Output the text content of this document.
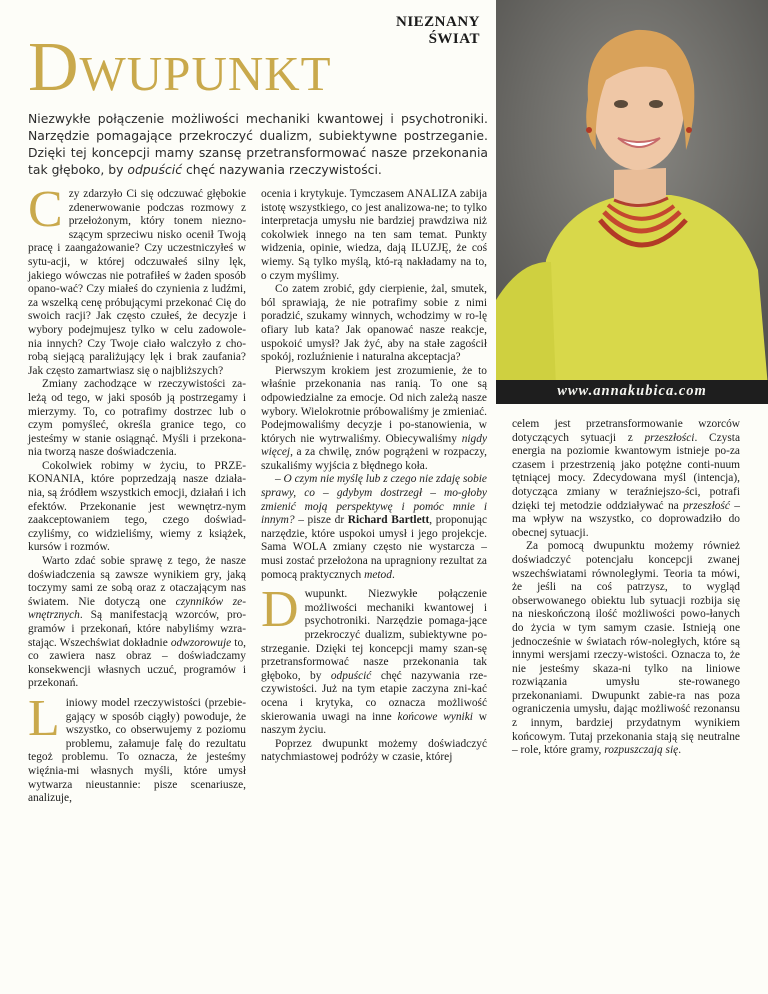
NIEZNANY ŚWIAT
Dwupunkt

Niezwykłe połączenie możliwości mechaniki kwantowej i psychotroniki. Narzędzie pomagające przekroczyć dualizm, subiektywne postrzeganie. Dzięki tej koncepcji mamy szansę przetransformować nasze przekonania tak głęboko, by odpuścić chęć nazywania rzeczywistości.

www.annakubica.com

Czy zdarzyło Ci się odczuwać głębokie zdenerwowanie podczas rozmowy z przełożonym, który tonem niezno-szącym sprzeciwu nisko ocenił Twoją pracę i zaangażowanie? Czy uczestniczyłeś w sytu-acji, w której odczuwałeś silny lęk, jakiego wówczas nie potrafiłeś w żaden sposób opano-wać? Czy miałeś do czynienia z ludźmi, za wszelką cenę próbującymi przekonać Cię do swoich racji? Jak często czułeś, że decyzje i wybory podejmujesz tylko w celu zadowole-nia innych? Czy Twoje ciało walczyło z cho-robą siejącą paraliżujący lęk i brak zaufania? Jak często zamartwiasz się o najbliższych?

Zmiany zachodzące w rzeczywistości za-leżą od tego, w jaki sposób ją postrzegamy i mierzymy. To, co potrafimy dostrzec lub o czym pomyśleć, określa granice tego, co jesteśmy w stanie osiągnąć. Myśli i przekona-nia tworzą nasze doświadczenia.

Cokolwiek robimy w życiu, to PRZE-KONANIA, które poprzedzają nasze działa-nia, są źródłem wszystkich emocji, działań i ich efektów. Przekonanie jest wewnętrz-nym zaakceptowaniem tego, czego doświad-czyliśmy, co widzieliśmy, wiemy z książek, kursów i rozmów.

Warto zdać sobie sprawę z tego, że nasze doświadczenia są zawsze wynikiem gry, jaką toczymy sami ze sobą oraz z otaczającym nas światem. Nie dotyczą one czynników ze-wnętrznych. Są manifestacją wzorców, pro-gramów i przekonań, które nabyliśmy wzra-stając. Wszechświat dokładnie odwzorowuje to, co zawiera nasz obraz – doświadczamy konsekwencji własnych uczuć, programów i przekonań.

Liniowy model rzeczywistości (przebie-gający w sposób ciągły) powoduje, że wszystko, co obserwujemy z poziomu problemu, załamuje falę do rezultatu tegoż problemu. To oznacza, że jesteśmy więźnia-mi własnych myśli, które umysł wytwarza nieustannie: pisze scenariusze, analizuje,

ocenia i krytykuje. Tymczasem ANALIZA zabija istotę wszystkiego, co jest analizowa-ne; to tylko interpretacja umysłu nie bardziej prawdziwa niż cokolwiek innego na ten sam temat. Punkty widzenia, opinie, wiedza, dają ILUZJĘ, że coś wiemy. Są tylko myślą, któ-rą nakładamy na to, o czym myślimy.

Co zatem zrobić, gdy cierpienie, żal, smutek, ból sprawiają, że nie potrafimy sobie z nimi poradzić, szukamy winnych, wchodzimy w ro-lę ofiary lub kata? Jak opanować nasze reakcje, uspokoić umysł? Jak żyć, aby na stałe zagościł spokój, rozluźnienie i naturalna akceptacja?

Pierwszym krokiem jest zrozumienie, że to właśnie przekonania nas ranią. To one są odpowiedzialne za emocje. Od nich zależą nasze wybory. Wielokrotnie próbowaliśmy je zmieniać. Podejmowaliśmy decyzje i po-stanowienia, w których nie wytrwaliśmy. Obiecywaliśmy nigdy więcej, a za chwilę, znów pogrążeni w rozpaczy, szukaliśmy wyjścia z błędnego koła.

– O czym nie myślę lub z czego nie zdaję sobie sprawy, co – gdybym dostrzegł – mo-głoby zmienić moją perspektywę i pomóc mnie i innym? – pisze dr Richard Bartlett, proponując narzędzie, które uspokoi umysł i jego projekcje. Sama WOLA zmiany często nie wystarcza – musi zostać przełożona na upragniony rezultat za pomocą praktycznych metod.

Dwupunkt. Niezwykłe połączenie możliwości mechaniki kwantowej i psychotroniki. Narzędzie pomaga-jące przekroczyć dualizm, subiektywne po-strzeganie. Dzięki tej koncepcji mamy szan-sę przetransformować nasze przekonania tak głęboko, by odpuścić chęć nazywania rze-czywistości. Już na tym etapie zaczyna zni-kać ocena i krytyka, co oznacza możliwość skierowania uwagi na inne końcowe wyniki w naszym życiu.

Poprzez dwupunkt możemy doświadczyć natychmiastowej podróży w czasie, której

celem jest przetransformowanie wzorców dotyczących sytuacji z przeszłości. Czysta energia na poziomie kwantowym istnieje po-za czasem i przestrzenią jako potężne conti-nuum tętniącej mocy. Zdecydowana myśl (intencja), dotycząca zmiany w teraźniejszo-ści, potrafi dzięki tej metodzie oddziaływać na przeszłość – ma wpływ na wszystko, co doprowadziło do obecnej sytuacji.

Za pomocą dwupunktu możemy również doświadczyć potencjału koncepcji zwanej wszechświatami równoległymi. Teoria ta mówi, że jeśli na coś patrzysz, to wygląd obserwowanego obiektu lub sytuacji rozbija się na nieskończoną ilość możliwości powo-łanych do życia w tym samym czasie. Istnieją one jednocześnie w światach rów-noległych, które są innymi wersjami rzeczy-wistości. Oznacza to, że nie jesteśmy skaza-ni tylko na liniowe rozwiązania umysłu ste-rowanego przekonaniami. Dwupunkt zabie-ra nas poza ograniczenia umysłu, dając możliwość rezonansu z innym, bardziej przydatnym wynikiem końcowym. Tutaj przekonania stają się neutralne – role, które gramy, rozpuszczają się.
